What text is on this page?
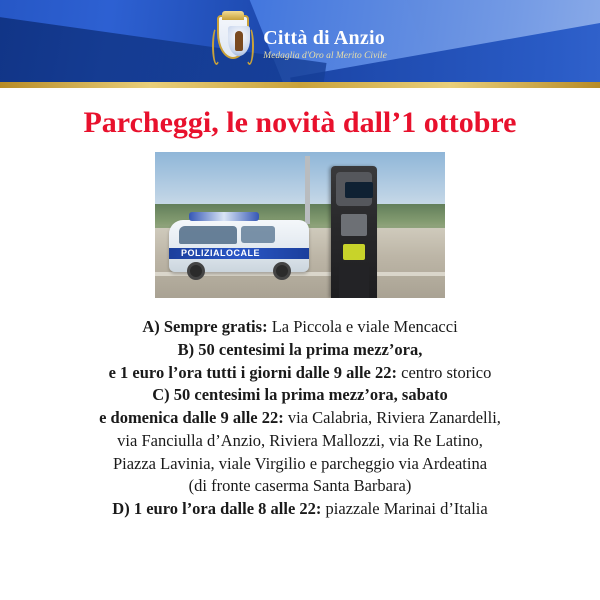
Città di Anzio
Medaglia d'Oro al Merito Civile
Parcheggi, le novità dall’1 ottobre
POLIZIALOCALE

A) Sempre gratis: La Piccola e viale Mencacci

B) 50 centesimi la prima mezz’ora,

e 1 euro l’ora tutti i giorni dalle 9 alle 22: centro storico

C) 50 centesimi la prima mezz’ora, sabato

e domenica dalle 9 alle 22: via Calabria, Riviera Zanardelli,

via Fanciulla d’Anzio, Riviera Mallozzi, via Re Latino,

Piazza Lavinia, viale Virgilio e parcheggio via Ardeatina

(di fronte caserma Santa Barbara)

D) 1 euro l’ora dalle 8 alle 22: piazzale Marinai d’Italia
